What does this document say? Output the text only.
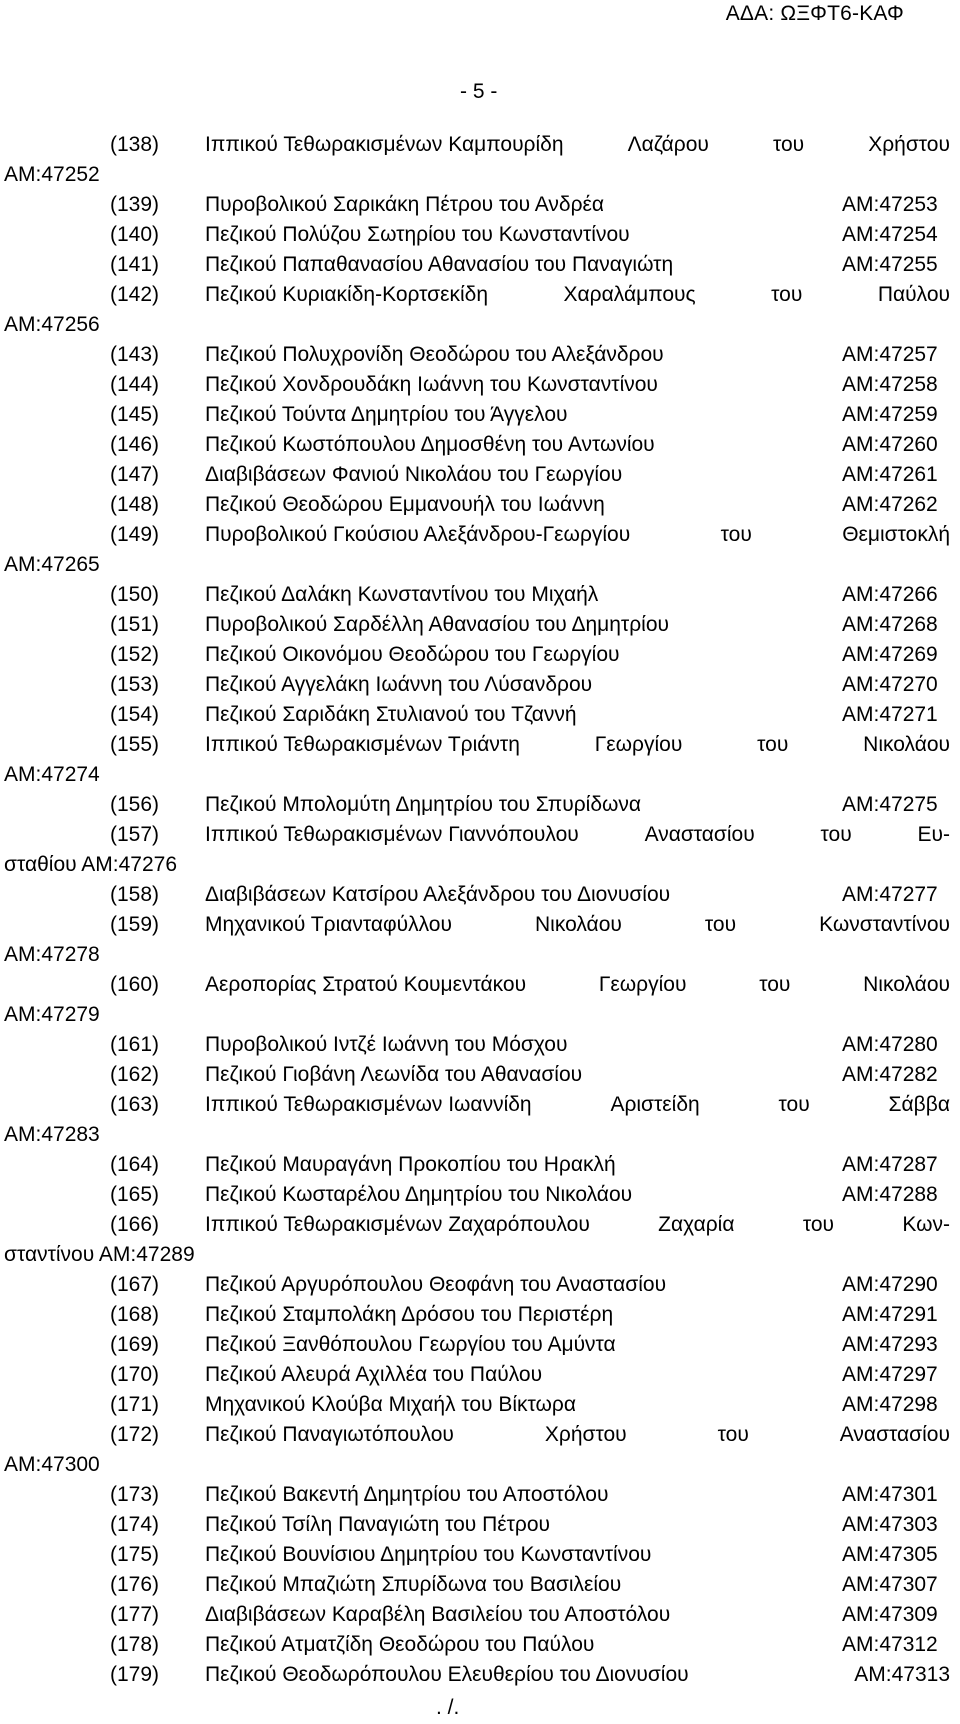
ΑΔΑ: ΩΞΦΤ6-ΚΑΦ
- 5 -
(138) Ιππικού Τεθωρακισμένων Καμπουρίδη	Λαζάρου	του	Χρήστου
ΑΜ:47252
(139) Πυροβολικού Σαρικάκη Πέτρου του Ανδρέα	ΑΜ:47253
(140) Πεζικού Πολύζου Σωτηρίου του Κωνσταντίνου	ΑΜ:47254
(141) Πεζικού Παπαθανασίου Αθανασίου του Παναγιώτη	ΑΜ:47255
(142) Πεζικού Κυριακίδη-Κορτσεκίδη	Χαραλάμπους	του	Παύλου
ΑΜ:47256
(143) Πεζικού Πολυχρονίδη Θεοδώρου του Αλεξάνδρου	ΑΜ:47257
(144) Πεζικού Χονδρουδάκη Ιωάννη του Κωνσταντίνου	ΑΜ:47258
(145) Πεζικού Τούντα Δημητρίου του Άγγελου	ΑΜ:47259
(146) Πεζικού Κωστόπουλου Δημοσθένη του Αντωνίου	ΑΜ:47260
(147) Διαβιβάσεων Φανιού Νικολάου του Γεωργίου	ΑΜ:47261
(148) Πεζικού Θεοδώρου Εμμανουήλ του Ιωάννη	ΑΜ:47262
(149) Πυροβολικού Γκούσιου Αλεξάνδρου-Γεωργίου	του	Θεμιστοκλή
ΑΜ:47265
(150) Πεζικού Δαλάκη Κωνσταντίνου του Μιχαήλ	ΑΜ:47266
(151) Πυροβολικού Σαρδέλλη Αθανασίου του Δημητρίου	ΑΜ:47268
(152) Πεζικού Οικονόμου Θεοδώρου του Γεωργίου	ΑΜ:47269
(153) Πεζικού Αγγελάκη Ιωάννη του Λύσανδρου	ΑΜ:47270
(154) Πεζικού Σαριδάκη Στυλιανού του Τζαννή	ΑΜ:47271
(155) Ιππικού Τεθωρακισμένων Τριάντη	Γεωργίου	του	Νικολάου
ΑΜ:47274
(156) Πεζικού Μπολομύτη Δημητρίου του Σπυρίδωνα	ΑΜ:47275
(157) Ιππικού Τεθωρακισμένων Γιαννόπουλου	Αναστασίου	του	Ευ-
σταθίου ΑΜ:47276
(158) Διαβιβάσεων Κατσίρου Αλεξάνδρου του Διονυσίου	ΑΜ:47277
(159) Μηχανικού Τριανταφύλλου	Νικολάου	του	Κωνσταντίνου
ΑΜ:47278
(160) Αεροπορίας Στρατού Κουμεντάκου	Γεωργίου	του	Νικολάου
ΑΜ:47279
(161) Πυροβολικού Ιντζέ Ιωάννη του Μόσχου	ΑΜ:47280
(162) Πεζικού Γιοβάνη Λεωνίδα του Αθανασίου	ΑΜ:47282
(163) Ιππικού Τεθωρακισμένων Ιωαννίδη	Αριστείδη	του	Σάββα
ΑΜ:47283
(164) Πεζικού Μαυραγάνη Προκοπίου του Ηρακλή	ΑΜ:47287
(165) Πεζικού Κωσταρέλου Δημητρίου του Νικολάου	ΑΜ:47288
(166) Ιππικού Τεθωρακισμένων Ζαχαρόπουλου	Ζαχαρία	του	Κων-
σταντίνου ΑΜ:47289
(167) Πεζικού Αργυρόπουλου Θεοφάνη του Αναστασίου	ΑΜ:47290
(168) Πεζικού Σταμπολάκη Δρόσου του Περιστέρη	ΑΜ:47291
(169) Πεζικού Ξανθόπουλου Γεωργίου του Αμύντα	ΑΜ:47293
(170) Πεζικού Αλευρά Αχιλλέα του Παύλου	ΑΜ:47297
(171) Μηχανικού Κλούβα Μιχαήλ του Βίκτωρα	ΑΜ:47298
(172) Πεζικού Παναγιωτόπουλου	Χρήστου	του	Αναστασίου
ΑΜ:47300
(173) Πεζικού Βακεντή Δημητρίου του Αποστόλου	ΑΜ:47301
(174) Πεζικού Τσίλη Παναγιώτη του Πέτρου	ΑΜ:47303
(175) Πεζικού Βουνίσιου Δημητρίου του Κωνσταντίνου	ΑΜ:47305
(176) Πεζικού Μπαζιώτη Σπυρίδωνα του Βασιλείου	ΑΜ:47307
(177) Διαβιβάσεων Καραβέλη Βασιλείου του Αποστόλου	ΑΜ:47309
(178) Πεζικού Ατματζίδη Θεοδώρου του Παύλου	ΑΜ:47312
(179) Πεζικού Θεοδωρόπουλου Ελευθερίου του Διονυσίου	ΑΜ:47313
. /.
